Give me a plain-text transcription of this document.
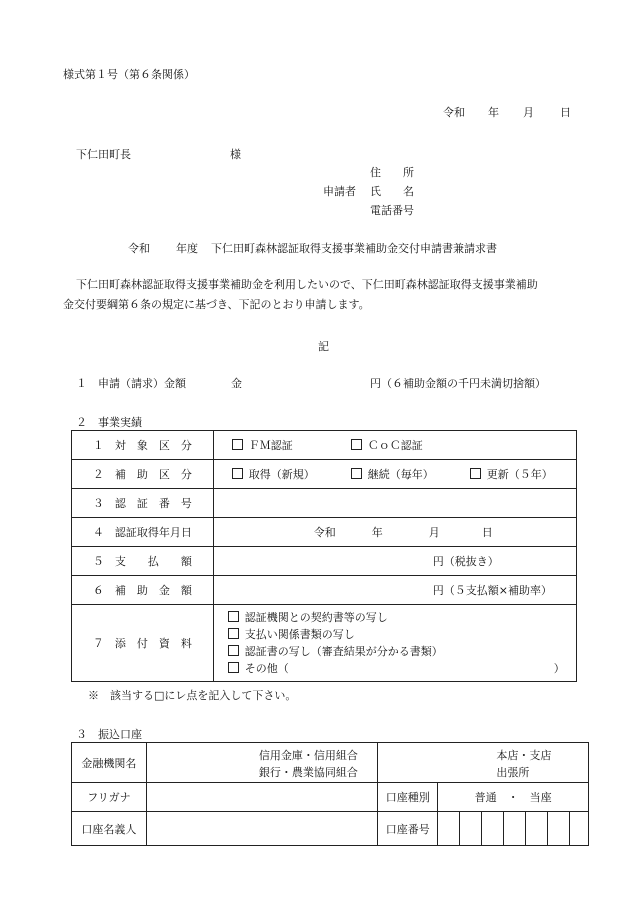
様式第１号（第６条関係）
令和 年 月 日
下仁田町長	様
住　　所
申請者 氏　　名
電話番号
令和 年度 下仁田町森林認証取得支援事業補助金交付申請書兼請求書
下仁田町森林認証取得支援事業補助金を利用したいので、下仁田町森林認証取得支援事業補助
金交付要綱第６条の規定に基づき、下記のとおり申請します。
記
１　申請（請求）金額	金	円（６補助金額の千円未満切捨額）
２　事業実績
１　対　象　区　分	ＦＭ認証 ＣｏＣ認証

２　補　助　区　分	取得（新規） 継続（毎年） 更新（５年）

３　認　証　番　号	
４　認証取得年月日	令和 年 月 日

５　支　　払　　額	円（税抜き）

６　補　助　金　額	円（５支払額×補助率）

７　添　付　資　料	認証機関との契約書等の写し
支払い関係書類の写し
認証書の写し（審査結果が分かる書類）
その他（ ）
※　該当する□にレ点を記入して下さい。
３　振込口座
金融機関名	信用金庫・信用組合
銀行・農業協同組合	本店・支店
出張所							

フリガナ		口座種別	普通　・　当座						
口座名義人		口座番号							
